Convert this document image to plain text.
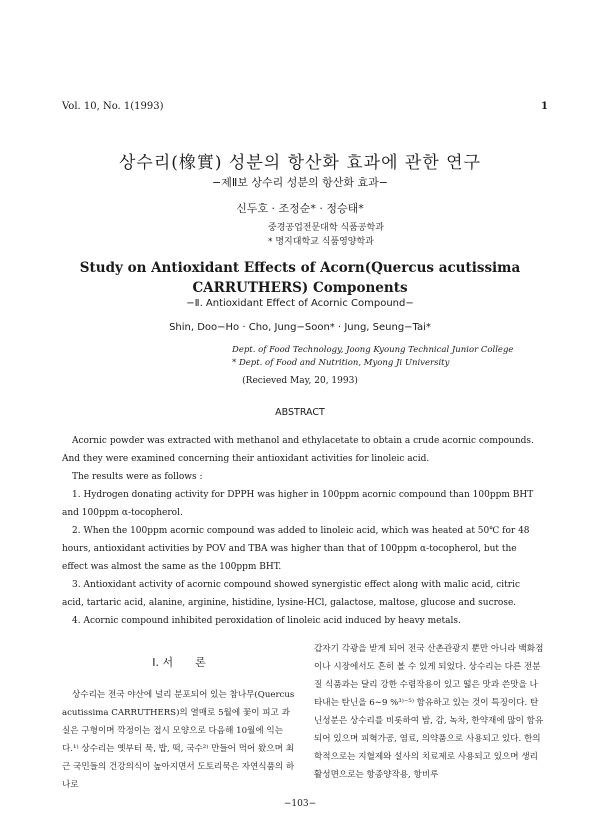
Vol. 10, No. 1(1993)	1
상수리(橡實) 성분의 항산화 효과에 관한 연구
−제Ⅱ보 상수리 성분의 항산화 효과−
신두호 · 조정순* · 정승태*
중경공업전문대학 식품공학과
* 명지대학교 식품영양학과
Study on Antioxidant Effects of Acorn(Quercus acutissima
CARRUTHERS) Components
−Ⅱ. Antioxidant Effect of Acornic Compound−
Shin, Doo−Ho · Cho, Jung−Soon* · Jung, Seung−Tai*
Dept. of Food Technology, Joong Kyoung Technical Junior College
* Dept. of Food and Nutrition, Myong Ji University
(Recieved May, 20, 1993)
ABSTRACT

Acornic powder was extracted with methanol and ethylacetate to obtain a crude acornic compounds. And they were examined concerning their antioxidant activities for linoleic acid.

The results were as follows :

1. Hydrogen donating activity for DPPH was higher in 100ppm acornic compound than 100ppm BHT and 100ppm α-tocopherol.

2. When the 100ppm acornic compound was added to linoleic acid, which was heated at 50℃ for 48 hours, antioxidant activities by POV and TBA was higher than that of 100ppm α-tocopherol, but the effect was almost the same as the 100ppm BHT.

3. Antioxidant activity of acornic compound showed synergistic effect along with malic acid, citric acid, tartaric acid, alanine, arginine, histidine, lysine-HCl, galactose, maltose, glucose and sucrose.

4. Acornic compound inhibited peroxidation of linoleic acid induced by heavy metals.

Ⅰ. 서　　론

상수리는 전국 야산에 널리 분포되어 있는 참나무(Quercus acutissima CARRUTHERS)의 열매로 5월에 꽃이 피고 과실은 구형이며 깍정이는 접시 모양으로 다음해 10월에 익는다.¹⁾ 상수리는 옛부터 묵, 밥, 떡, 국수²⁾ 만들어 먹어 왔으며 최근 국민들의 건강의식이 높아지면서 도토리묵은 자연식품의 하나로

갑자기 각광을 받게 되어 전국 산촌관광지 뿐만 아니라 백화점이나 시장에서도 흔히 볼 수 있게 되었다. 상수리는 다른 전분질 식품과는 달리 강한 수렴작용이 있고 떫은 맛과 쓴맛을 나타내는 탄닌을 6∼9 %³⁾⁻⁵⁾ 함유하고 있는 것이 특징이다. 탄닌성분은 상수리를 비롯하여 밤, 감, 녹차, 한약재에 많이 함유되어 있으며 피혁가공, 염료, 의약품으로 사용되고 있다. 한의학적으로는 지혈제와 설사의 치료제로 사용되고 있으며 생리 활성면으로는 항종양작용, 항비루

−103−
